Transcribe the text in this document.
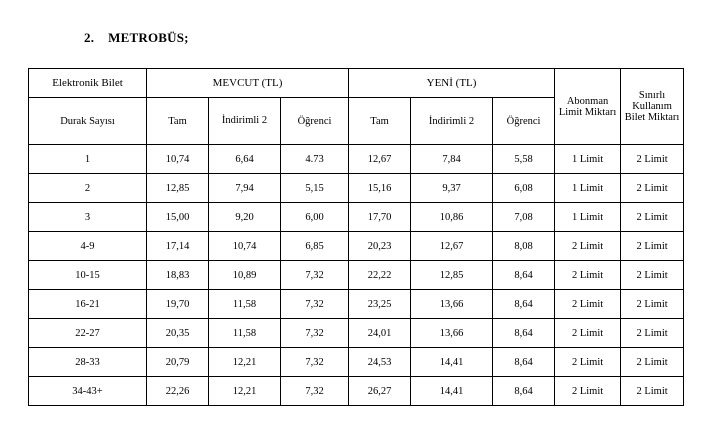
2. METROBÜS;
Elektronik Bilet	MEVCUT (TL)			YENİ (TL)			Abonman Limit Miktarı	Sınırlı Kullanım Bilet Miktarı
Durak Sayısı	Tam	İndirimli 2	Öğrenci	Tam	İndirimli 2	Öğrenci		
1	10,74	6,64	4.73	12,67	7,84	5,58	1 Limit	2 Limit
2	12,85	7,94	5,15	15,16	9,37	6,08	1 Limit	2 Limit
3	15,00	9,20	6,00	17,70	10,86	7,08	1 Limit	2 Limit
4-9	17,14	10,74	6,85	20,23	12,67	8,08	2 Limit	2 Limit
10-15	18,83	10,89	7,32	22,22	12,85	8,64	2 Limit	2 Limit
16-21	19,70	11,58	7,32	23,25	13,66	8,64	2 Limit	2 Limit
22-27	20,35	11,58	7,32	24,01	13,66	8,64	2 Limit	2 Limit
28-33	20,79	12,21	7,32	24,53	14,41	8,64	2 Limit	2 Limit
34-43+	22,26	12,21	7,32	26,27	14,41	8,64	2 Limit	2 Limit
